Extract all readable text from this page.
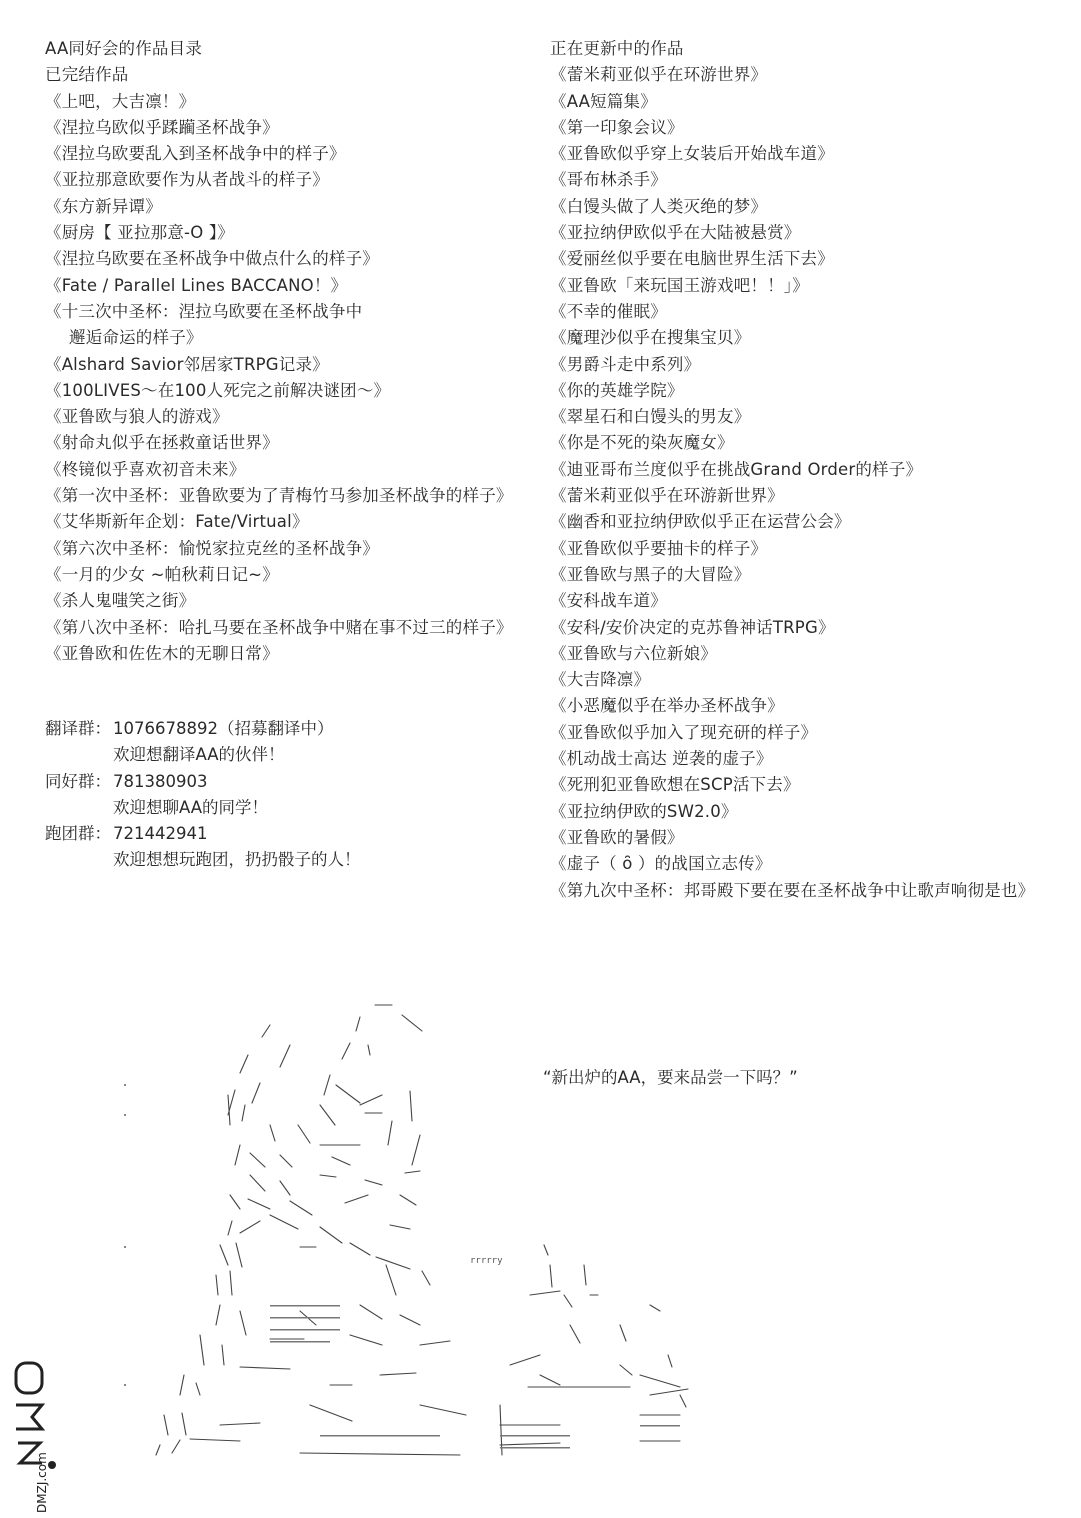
AA同好会的作品目录
已完结作品
《上吧，大吉凛！》
《涅拉乌欧似乎蹂躏圣杯战争》
《涅拉乌欧要乱入到圣杯战争中的样子》
《亚拉那意欧要作为从者战斗的样子》
《东方新异谭》
《厨房【 亚拉那意-O 】》
《涅拉乌欧要在圣杯战争中做点什么的样子》
《Fate / Parallel Lines BACCANO！》
《十三次中圣杯：涅拉乌欧要在圣杯战争中
邂逅命运的样子》
《Alshard Savior邻居家TRPG记录》
《100LIVES～在100人死完之前解决谜团～》
《亚鲁欧与狼人的游戏》
《射命丸似乎在拯救童话世界》
《柊镜似乎喜欢初音未来》
《第一次中圣杯：亚鲁欧要为了青梅竹马参加圣杯战争的样子》
《艾华斯新年企划：Fate/Virtual》
《第六次中圣杯：愉悦家拉克丝的圣杯战争》
《一月的少女 ~帕秋莉日记~》
《杀人鬼嗤笑之街》
《第八次中圣杯：哈扎马要在圣杯战争中赌在事不过三的样子》
《亚鲁欧和佐佐木的无聊日常》
正在更新中的作品
《蕾米莉亚似乎在环游世界》
《AA短篇集》
《第一印象会议》
《亚鲁欧似乎穿上女装后开始战车道》
《哥布林杀手》
《白馒头做了人类灭绝的梦》
《亚拉纳伊欧似乎在大陆被悬赏》
《爱丽丝似乎要在电脑世界生活下去》
《亚鲁欧「来玩国王游戏吧！！」》
《不幸的催眠》
《魔理沙似乎在搜集宝贝》
《男爵斗走中系列》
《你的英雄学院》
《翠星石和白馒头的男友》
《你是不死的染灰魔女》
《迪亚哥布兰度似乎在挑战Grand Order的样子》
《蕾米莉亚似乎在环游新世界》
《幽香和亚拉纳伊欧似乎正在运营公会》
《亚鲁欧似乎要抽卡的样子》
《亚鲁欧与黑子的大冒险》
《安科战车道》
《安科/安价决定的克苏鲁神话TRPG》
《亚鲁欧与六位新娘》
《大吉降凛》
《小恶魔似乎在举办圣杯战争》
《亚鲁欧似乎加入了现充研的样子》
《机动战士高达 逆袭的虚子》
《死刑犯亚鲁欧想在SCP活下去》
《亚拉纳伊欧的SW2.0》
《亚鲁欧的暑假》
《虚子（ ȏ ）的战国立志传》
《第九次中圣杯：邦哥殿下要在要在圣杯战争中让歌声响彻是也》
翻译群： 1076678892（招募翻译中）
欢迎想翻译AA的伙伴！
同好群： 781380903
欢迎想聊AA的同学！
跑团群： 721442941
欢迎想想玩跑团，扔扔骰子的人！
“新出炉的AA，要来品尝一下吗？”
rrrrry
DMZJ.com
